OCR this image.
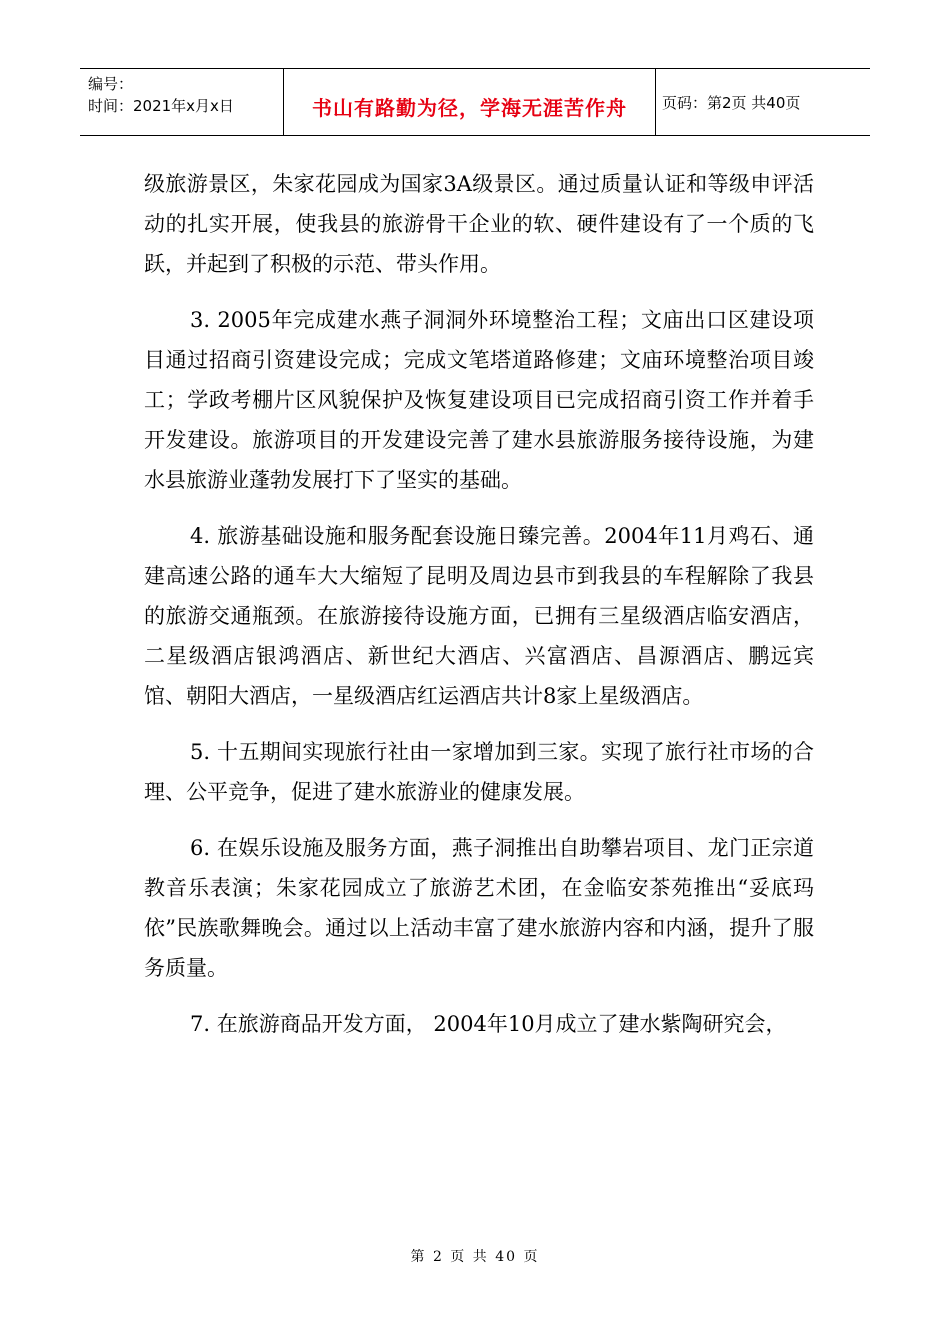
编号：
时间：2021年x月x日	书山有路勤为径，学海无涯苦作舟 页码：第2页 共40页

级旅游景区，朱家花园成为国家3A级景区。通过质量认证和等级申评活动的扎实开展，使我县的旅游骨干企业的软、硬件建设有了一个质的飞跃，并起到了积极的示范、带头作用。

3. 2005年完成建水燕子洞洞外环境整治工程；文庙出口区建设项目通过招商引资建设完成；完成文笔塔道路修建；文庙环境整治项目竣工；学政考棚片区风貌保护及恢复建设项目已完成招商引资工作并着手开发建设。旅游项目的开发建设完善了建水县旅游服务接待设施，为建水县旅游业蓬勃发展打下了坚实的基础。

4. 旅游基础设施和服务配套设施日臻完善。2004年11月鸡石、通建高速公路的通车大大缩短了昆明及周边县市到我县的车程解除了我县的旅游交通瓶颈。在旅游接待设施方面，已拥有三星级酒店临安酒店，二星级酒店银鸿酒店、新世纪大酒店、兴富酒店、昌源酒店、鹏远宾馆、朝阳大酒店，一星级酒店红运酒店共计8家上星级酒店。

5. 十五期间实现旅行社由一家增加到三家。实现了旅行社市场的合理、公平竞争，促进了建水旅游业的健康发展。

6. 在娱乐设施及服务方面，燕子洞推出自助攀岩项目、龙门正宗道教音乐表演；朱家花园成立了旅游艺术团，在金临安茶苑推出“妥底玛依”民族歌舞晚会。通过以上活动丰富了建水旅游内容和内涵，提升了服务质量。

7. 在旅游商品开发方面， 2004年10月成立了建水紫陶研究会，

第 2 页 共 40 页
